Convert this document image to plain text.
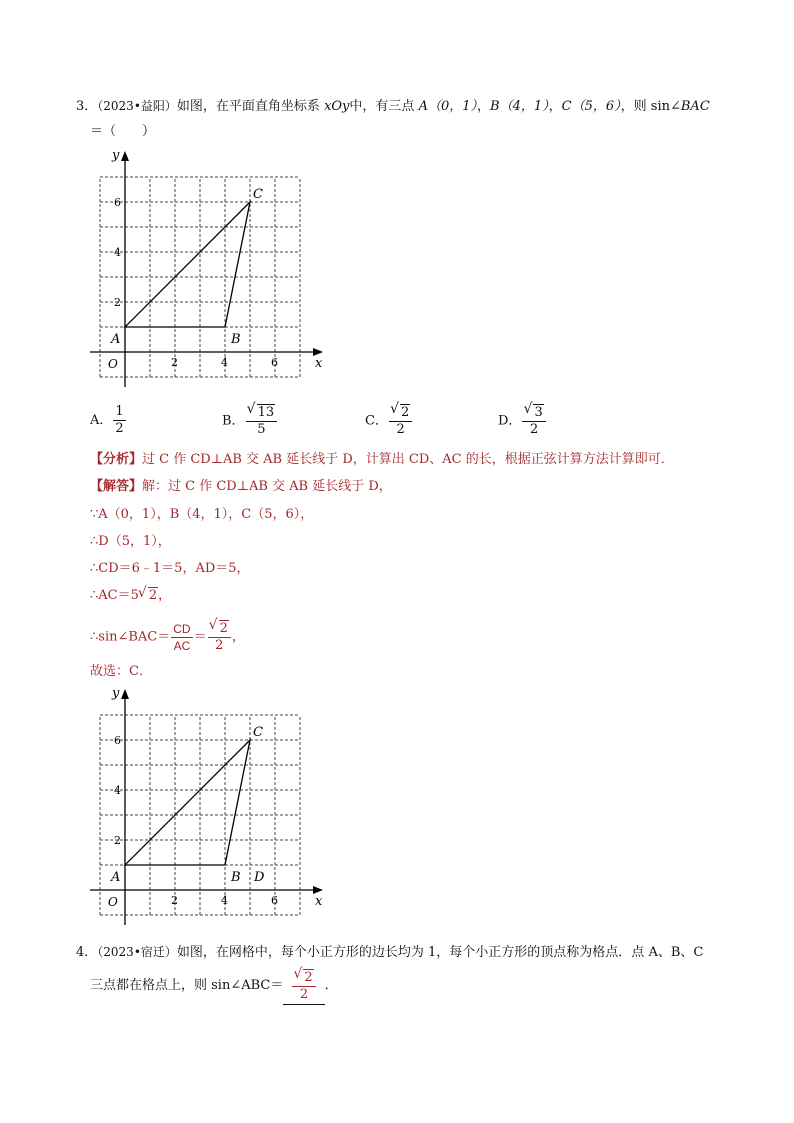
3．（2023•益阳）如图，在平面直角坐标系 xOy中，有三点 A（0，1），B（4，1），C（5，6），则 sin∠BAC
＝（　　）
x
y
O	2	4	6
2
4
6
A	B
C
A． $\frac{1}{2}$	B． √ $\frac{13}{5}$	C． √ $\frac{2}{2}$	D． √ $\frac{3}{2}$
【分析】过 C 作 CD⊥AB 交 AB 延长线于 D，计算出 CD、AC 的长，根据正弦计算方法计算即可．
【解答】解：过 C 作 CD⊥AB 交 AB 延长线于 D，
∵A（0，1），B（4，1），C（5，6），
∴D（5，1），
∴CD＝6﹣1＝5，AD＝5，
∴AC＝5 √ 2，
∴sin∠BAC＝ $\frac{CD}{AC}$ ＝ √ $\frac{2}{2}$ ，
故选：C．
x
y
O	2	4	6
2
4
6
A	B
C
D
4．（2023•宿迁）如图，在网格中，每个小正方形的边长均为 1，每个小正方形的顶点称为格点．点 A、B、C
三点都在格点上，则 sin∠ABC＝ √ $\frac{2}{2}$ ．
